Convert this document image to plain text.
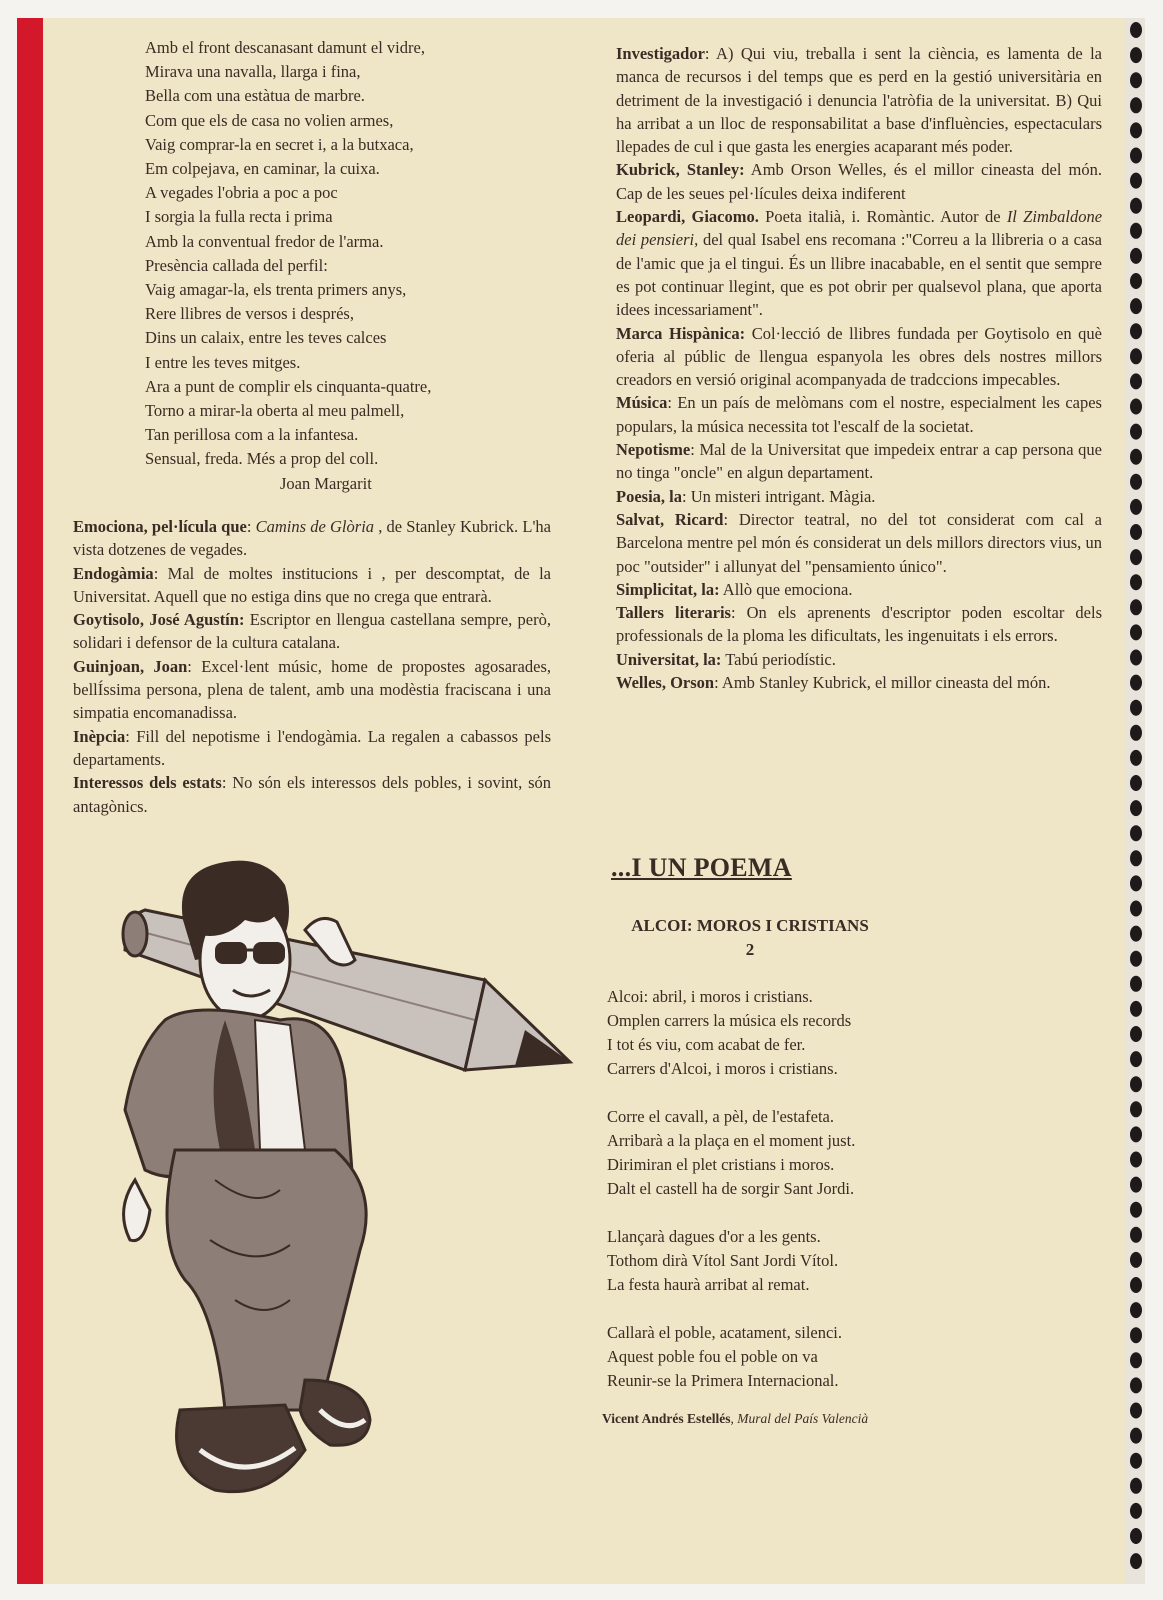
Amb el front descanasant damunt el vidre,
Mirava una navalla, llarga i fina,
Bella com una estàtua de marbre.
Com que els de casa no volien armes,
Vaig comprar-la en secret i, a la butxaca,
Em colpejava, en caminar, la cuixa.
A vegades l'obria a poc a poc
I sorgia la fulla recta i prima
Amb la conventual fredor de l'arma.
Presència callada del perfil:
Vaig amagar-la, els trenta primers anys,
Rere llibres de versos i després,
Dins un calaix, entre les teves calces
I entre les teves mitges.
Ara a punt de complir els cinquanta-quatre,
Torno a mirar-la oberta al meu palmell,
Tan perillosa com a la infantesa.
Sensual, freda. Més a prop del coll.
Joan Margarit

Emociona, pel·lícula que: Camins de Glòria , de Stanley Kubrick. L'ha vista dotzenes de vegades.

Endogàmia: Mal de moltes institucions i , per descomptat, de la Universitat. Aquell que no estiga dins que no crega que entrarà.

Goytisolo, José Agustín: Escriptor en llengua castellana sempre, però, solidari i defensor de la cultura catalana.

Guinjoan, Joan: Excel·lent músic, home de propostes agosarades, bellÍssima persona, plena de talent, amb una modèstia fraciscana i una simpatia encomanadissa.

Inèpcia: Fill del nepotisme i l'endogàmia. La regalen a cabassos pels departaments.

Interessos dels estats: No són els interessos dels pobles, i sovint, són antagònics.

Investigador: A) Qui viu, treballa i sent la ciència, es lamenta de la manca de recursos i del temps que es perd en la gestió universitària en detriment de la investigació i denuncia l'atròfia de la universitat. B) Qui ha arribat a un lloc de responsabilitat a base d'influències, espectaculars llepades de cul i que gasta les energies acaparant més poder.

Kubrick, Stanley: Amb Orson Welles, és el millor cineasta del món. Cap de les seues pel·lícules deixa indiferent

Leopardi, Giacomo. Poeta italià, i. Romàntic. Autor de Il Zimbaldone dei pensieri, del qual Isabel ens recomana :"Correu a la llibreria o a casa de l'amic que ja el tingui. És un llibre inacabable, en el sentit que sempre es pot continuar llegint, que es pot obrir per qualsevol plana, que aporta idees incessariament".

Marca Hispànica: Col·lecció de llibres fundada per Goytisolo en què oferia al públic de llengua espanyola les obres dels nostres millors creadors en versió original acompanyada de tradccions impecables.

Música: En un país de melòmans com el nostre, especialment les capes populars, la música necessita tot l'escalf de la societat.

Nepotisme: Mal de la Universitat que impedeix entrar a cap persona que no tinga "oncle" en algun departament.

Poesia, la: Un misteri intrigant. Màgia.

Salvat, Ricard: Director teatral, no del tot considerat com cal a Barcelona mentre pel món és considerat un dels millors directors vius, un poc "outsider" i allunyat del "pensamiento único".

Simplicitat, la: Allò que emociona.

Tallers literaris: On els aprenents d'escriptor poden escoltar dels professionals de la ploma les dificultats, les ingenuitats i els errors.

Universitat, la: Tabú periodístic.

Welles, Orson: Amb Stanley Kubrick, el millor cineasta del món.

...I UN POEMA
ALCOI: MOROS I CRISTIANS
2
Alcoi: abril, i moros i cristians.
Omplen carrers la música els records
I tot és viu, com acabat de fer.
Carrers d'Alcoi, i moros i cristians.
Corre el cavall, a pèl, de l'estafeta.
Arribarà a la plaça en el moment just.
Dirimiran el plet cristians i moros.
Dalt el castell ha de sorgir Sant Jordi.
Llançarà dagues d'or a les gents.
Tothom dirà Vítol Sant Jordi Vítol.
La festa haurà arribat al remat.
Callarà el poble, acatament, silenci.
Aquest poble fou el poble on va
Reunir-se la Primera Internacional.
Vicent Andrés Estellés, Mural del País Valencià
